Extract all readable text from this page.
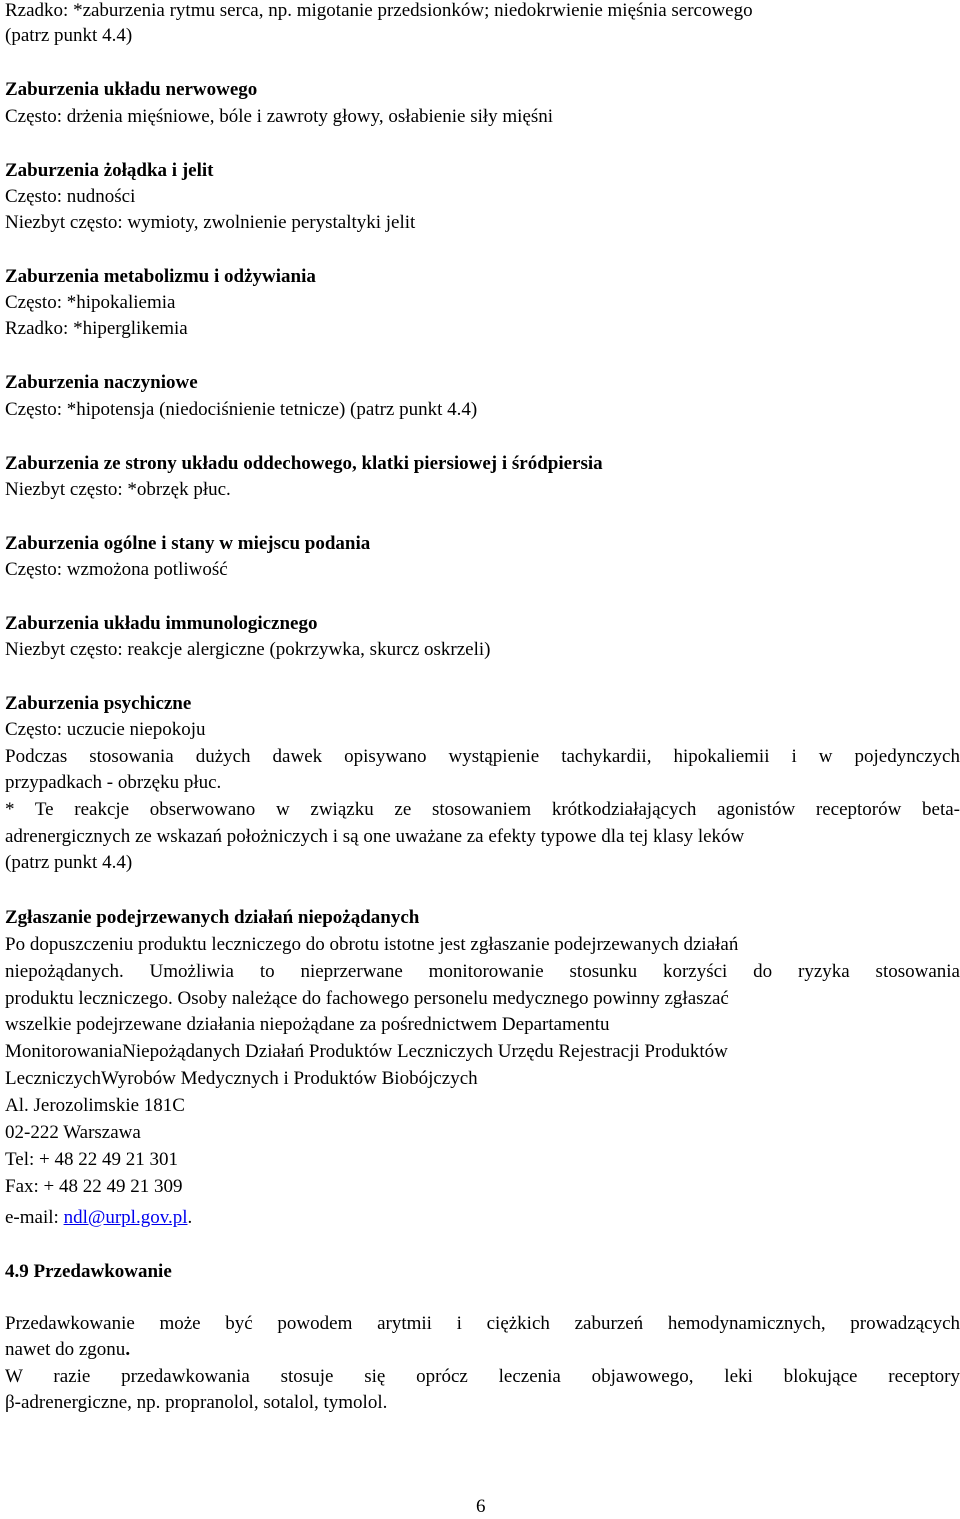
Rzadko: *zaburzenia rytmu serca, np. migotanie przedsionków; niedokrwienie mięśnia sercowego
(patrz punkt 4.4)
Zaburzenia układu nerwowego
Często: drżenia mięśniowe, bóle i zawroty głowy, osłabienie siły mięśni
Zaburzenia żołądka i jelit
Często: nudności
Niezbyt często: wymioty, zwolnienie perystaltyki jelit
Zaburzenia metabolizmu i odżywiania
Często: *hipokaliemia
Rzadko: *hiperglikemia
Zaburzenia naczyniowe
Często: *hipotensja (niedociśnienie tetnicze) (patrz punkt 4.4)
Zaburzenia ze strony układu oddechowego, klatki piersiowej i śródpiersia
Niezbyt często: *obrzęk płuc.
Zaburzenia ogólne i stany w miejscu podania
Często: wzmożona potliwość
Zaburzenia układu immunologicznego
Niezbyt często: reakcje alergiczne (pokrzywka, skurcz oskrzeli)
Zaburzenia psychiczne
Często: uczucie niepokoju
Podczas stosowania dużych dawek opisywano wystąpienie tachykardii, hipokaliemii i w pojedynczych
przypadkach - obrzęku płuc.
* Te reakcje obserwowano w związku ze stosowaniem krótkodziałających agonistów receptorów beta-
adrenergicznych ze wskazań położniczych i są one uważane za efekty typowe dla tej klasy leków
(patrz punkt 4.4)
Zgłaszanie podejrzewanych działań niepożądanych
Po dopuszczeniu produktu leczniczego do obrotu istotne jest zgłaszanie podejrzewanych działań
niepożądanych. Umożliwia to nieprzerwane monitorowanie stosunku korzyści do ryzyka stosowania
produktu leczniczego. Osoby należące do fachowego personelu medycznego powinny zgłaszać
wszelkie podejrzewane działania niepożądane za pośrednictwem Departamentu
MonitorowaniaNiepożądanych Działań Produktów Leczniczych Urzędu Rejestracji Produktów
LeczniczychWyrobów Medycznych i Produktów Biobójczych
Al. Jerozolimskie 181C
02-222 Warszawa
Tel: + 48 22 49 21 301
Fax: + 48 22 49 21 309
e-mail: ndl@urpl.gov.pl.
4.9 Przedawkowanie
Przedawkowanie może być powodem arytmii i ciężkich zaburzeń hemodynamicznych, prowadzących
nawet do zgonu.
W razie przedawkowania stosuje się oprócz leczenia objawowego, leki blokujące receptory
β-adrenergiczne, np. propranolol, sotalol, tymolol.
6
